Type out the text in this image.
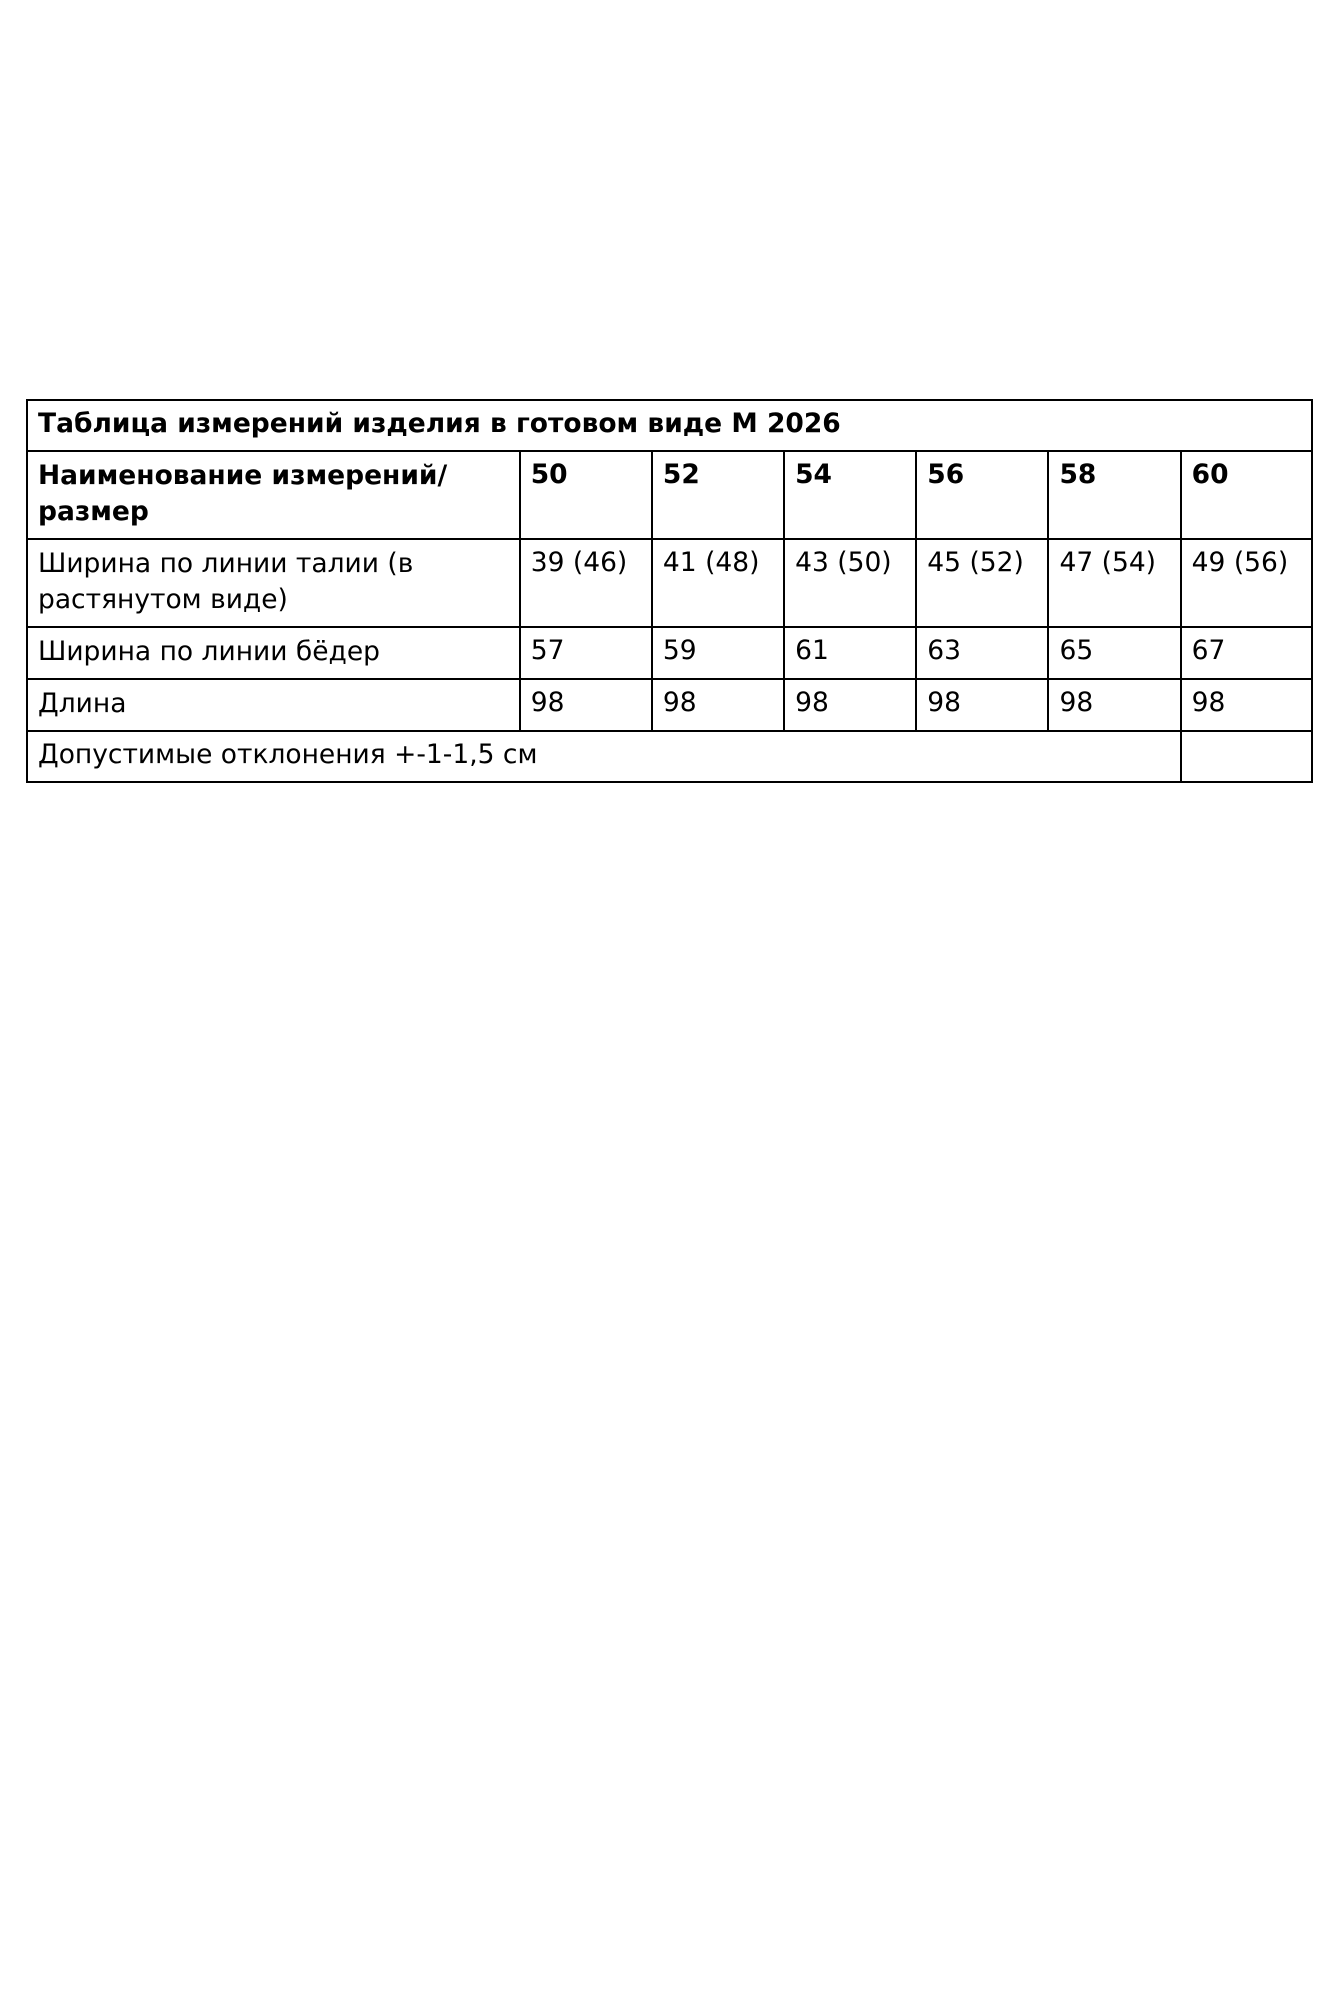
Таблица измерений изделия в готовом виде М 2026						
Наименование измерений/размер	50	52	54	56	58	60
Ширина по линии талии (в растянутом виде)	39 (46)	41 (48)	43 (50)	45 (52)	47 (54)	49 (56)
Ширина по линии бёдер	57	59	61	63	65	67
Длина	98	98	98	98	98	98
Допустимые отклонения +-1-1,5 см						
